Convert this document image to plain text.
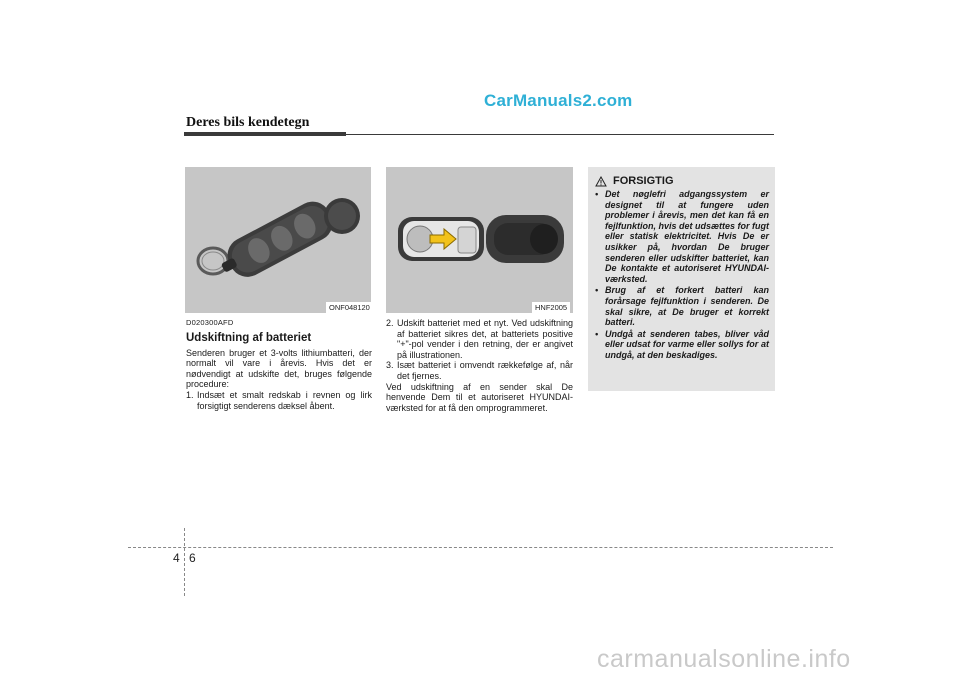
CarManuals2.com
Deres bils kendetegn
ONF048120	HNF2005
D020300AFD
Udskiftning af batteriet

Senderen bruger et 3-volts lithiumbatteri, der normalt vil vare i årevis. Hvis det er nødvendigt at udskifte det, bruges følgende procedure:

1. Indsæt et smalt redskab i revnen og lirk forsigtigt senderens dæksel åbent.
2. Udskift batteriet med et nyt. Ved udskiftning af batteriet sikres det, at batteriets positive "+"-pol vender i den retning, der er angivet på illustrationen.
3. Isæt batteriet i omvendt rækkefølge af, når det fjernes.

Ved udskiftning af en sender skal De henvende Dem til et autoriseret HYUNDAI-værksted for at få den omprogrammeret.

FORSIGTIG
• Det nøglefri adgangssystem er designet til at fungere uden problemer i årevis, men det kan få en fejlfunktion, hvis det udsættes for fugt eller statisk elektricitet. Hvis De er usikker på, hvordan De bruger senderen eller udskifter batteriet, kan De kontakte et autoriseret HYUNDAI-værksted.
• Brug af et forkert batteri kan forårsage fejlfunktion i senderen. De skal sikre, at De bruger et korrekt batteri.
• Undgå at senderen tabes, bliver våd eller udsat for varme eller sollys for at undgå, at den beskadiges.
4 6
carmanualsonline.info
